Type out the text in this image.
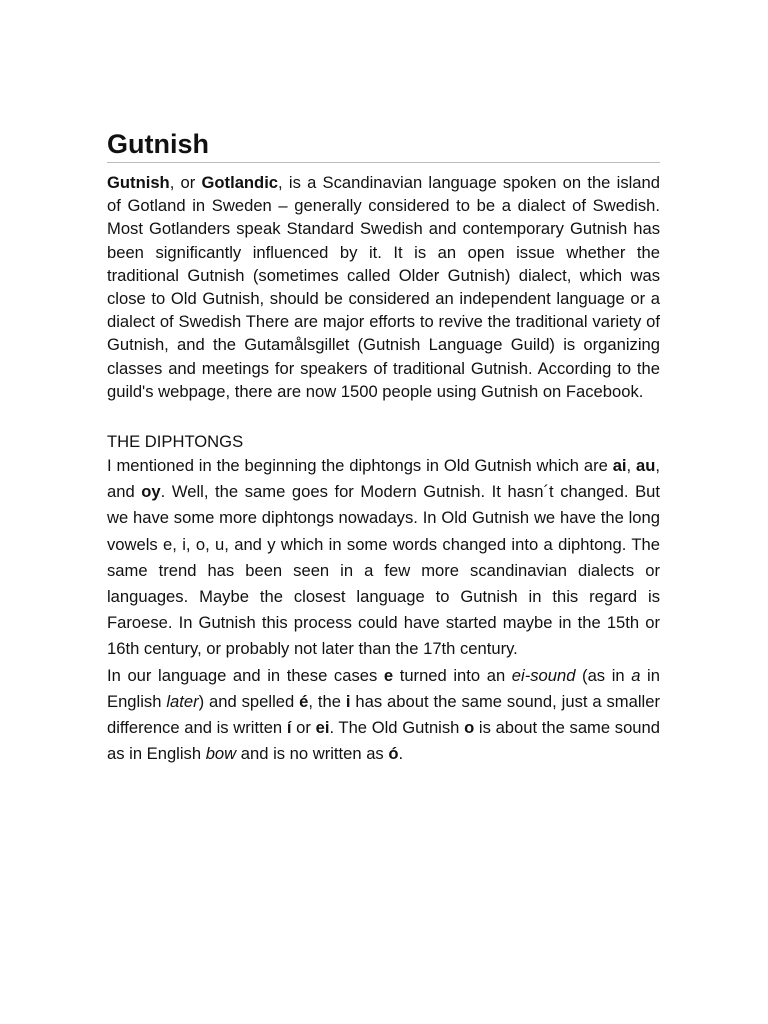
Gutnish
Gutnish, or Gotlandic, is a Scandinavian language spoken on the island of Gotland in Sweden – generally considered to be a dialect of Swedish. Most Gotlanders speak Standard Swedish and contemporary Gutnish has been significantly influenced by it. It is an open issue whether the traditional Gutnish (sometimes called Older Gutnish) dialect, which was close to Old Gutnish, should be considered an independent language or a dialect of Swedish There are major efforts to revive the traditional variety of Gutnish, and the Gutamålsgillet (Gutnish Language Guild) is organizing classes and meetings for speakers of traditional Gutnish. According to the guild's webpage, there are now 1500 people using Gutnish on Facebook.
THE DIPHTONGS

I mentioned in the beginning the diphtongs in Old Gutnish which are ai, au, and oy. Well, the same goes for Modern Gutnish. It hasn´t changed. But we have some more diphtongs nowadays. In Old Gutnish we have the long vowels e, i, o, u, and y which in some words changed into a diphtong. The same trend has been seen in a few more scandinavian dialects or languages. Maybe the closest language to Gutnish in this regard is Faroese. In Gutnish this process could have started maybe in the 15th or 16th century, or probably not later than the 17th century.

In our language and in these cases e turned into an ei-sound (as in a in English later) and spelled é, the i has about the same sound, just a smaller difference and is written í or ei. The Old Gutnish o is about the same sound as in English bow and is no written as ó.
